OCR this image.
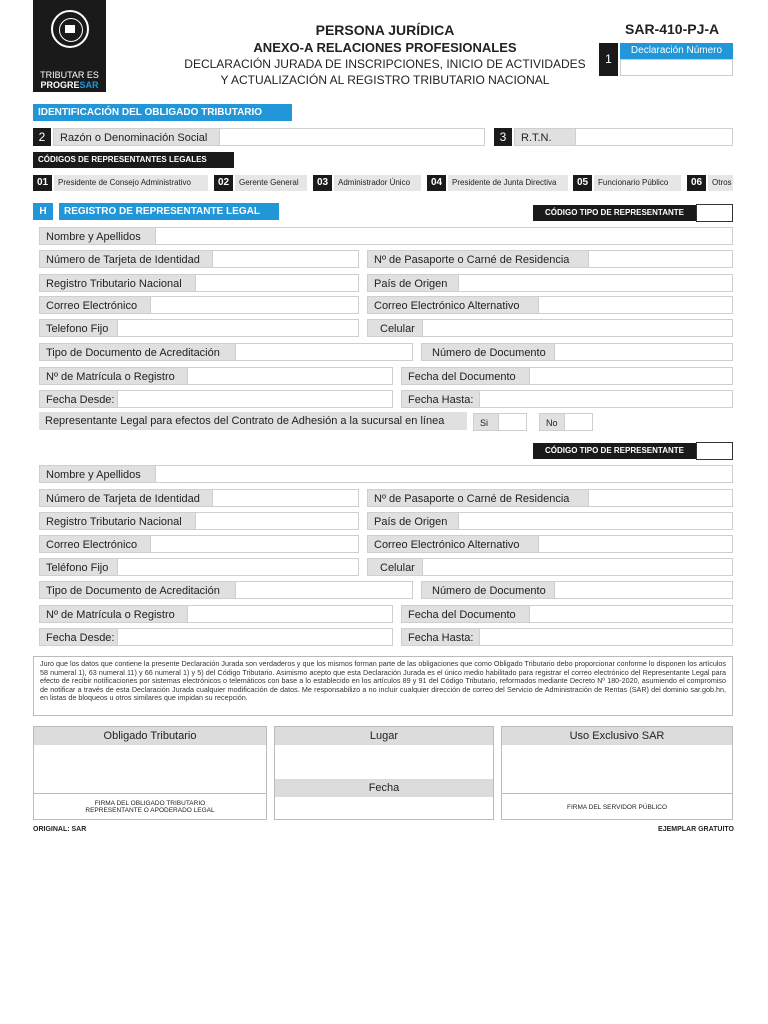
TRIBUTAR ES
PROGRESAR
PERSONA JURÍDICA
ANEXO-A RELACIONES PROFESIONALES
DECLARACIÓN JURADA DE INSCRIPCIONES, INICIO DE ACTIVIDADES
Y ACTUALIZACIÓN AL REGISTRO TRIBUTARIO NACIONAL
SAR-410-PJ-A
1
Declaración Número
IDENTIFICACIÓN DEL OBLIGADO TRIBUTARIO
2	Razón o Denominación Social	3	R.T.N.
CÓDIGOS DE REPRESENTANTES LEGALES
01	Presidente de Consejo Administrativo	02	Gerente General	03	Administrador Único	04	Presidente de Junta Directiva	05	Funcionario Público	06	Otros
H	REGISTRO DE REPRESENTANTE LEGAL	CÓDIGO TIPO DE REPRESENTANTE
Nombre y Apellidos
Número de Tarjeta de Identidad	Nº de Pasaporte o Carné de Residencia
Registro Tributario Nacional	País de Origen
Correo Electrónico	Correo Electrónico Alternativo
Telefono Fijo	Celular
Tipo de Documento de Acreditación	Número de Documento
Nº de Matrícula o Registro	Fecha del Documento
Fecha Desde:	Fecha Hasta:
Representante Legal para efectos del Contrato de Adhesión a la sucursal en línea	Si	No
CÓDIGO TIPO DE REPRESENTANTE
Nombre y Apellidos
Número de Tarjeta de Identidad	Nº de Pasaporte o Carné de Residencia
Registro Tributario Nacional	País de Origen
Correo Electrónico	Correo Electrónico Alternativo
Teléfono Fijo	Celular
Tipo de Documento de Acreditación	Número de Documento
Nº de Matrícula o Registro	Fecha del Documento
Fecha Desde:	Fecha Hasta:
Juro que los datos que contiene la presente Declaración Jurada son verdaderos y que los mismos forman parte de las obligaciones que como Obligado Tributario debo proporcionar conforme lo disponen los artículos 58 numeral 1), 63 numeral 11) y 66 numeral 1) y 5) del Código Tributario. Asimismo acepto que esta Declaración Jurada es el único medio habilitado para registrar el correo electrónico del Representante Legal para efecto de recibir notificaciones por sistemas electrónicos o telemáticos con base a lo establecido en los artículos 89 y 91 del Código Tributario, reformados mediante Decreto Nº 180-2020, asumiendo el compromiso de notificar a través de esta Declaración Jurada cualquier modificación de datos. Me responsabilizo a no incluir cualquier dirección de correo del Servicio de Administración de Rentas (SAR) del dominio sar.gob.hn, en listas de bloqueos u otros similares que impidan su recepción.
Obligado Tributario
FIRMA DEL OBLIGADO TRIBUTARIO
REPRESENTANTE O APODERADO LEGAL
Lugar
Fecha
Uso Exclusivo SAR
FIRMA DEL SERVIDOR PÚBLICO
ORIGINAL: SAR	EJEMPLAR GRATUITO
